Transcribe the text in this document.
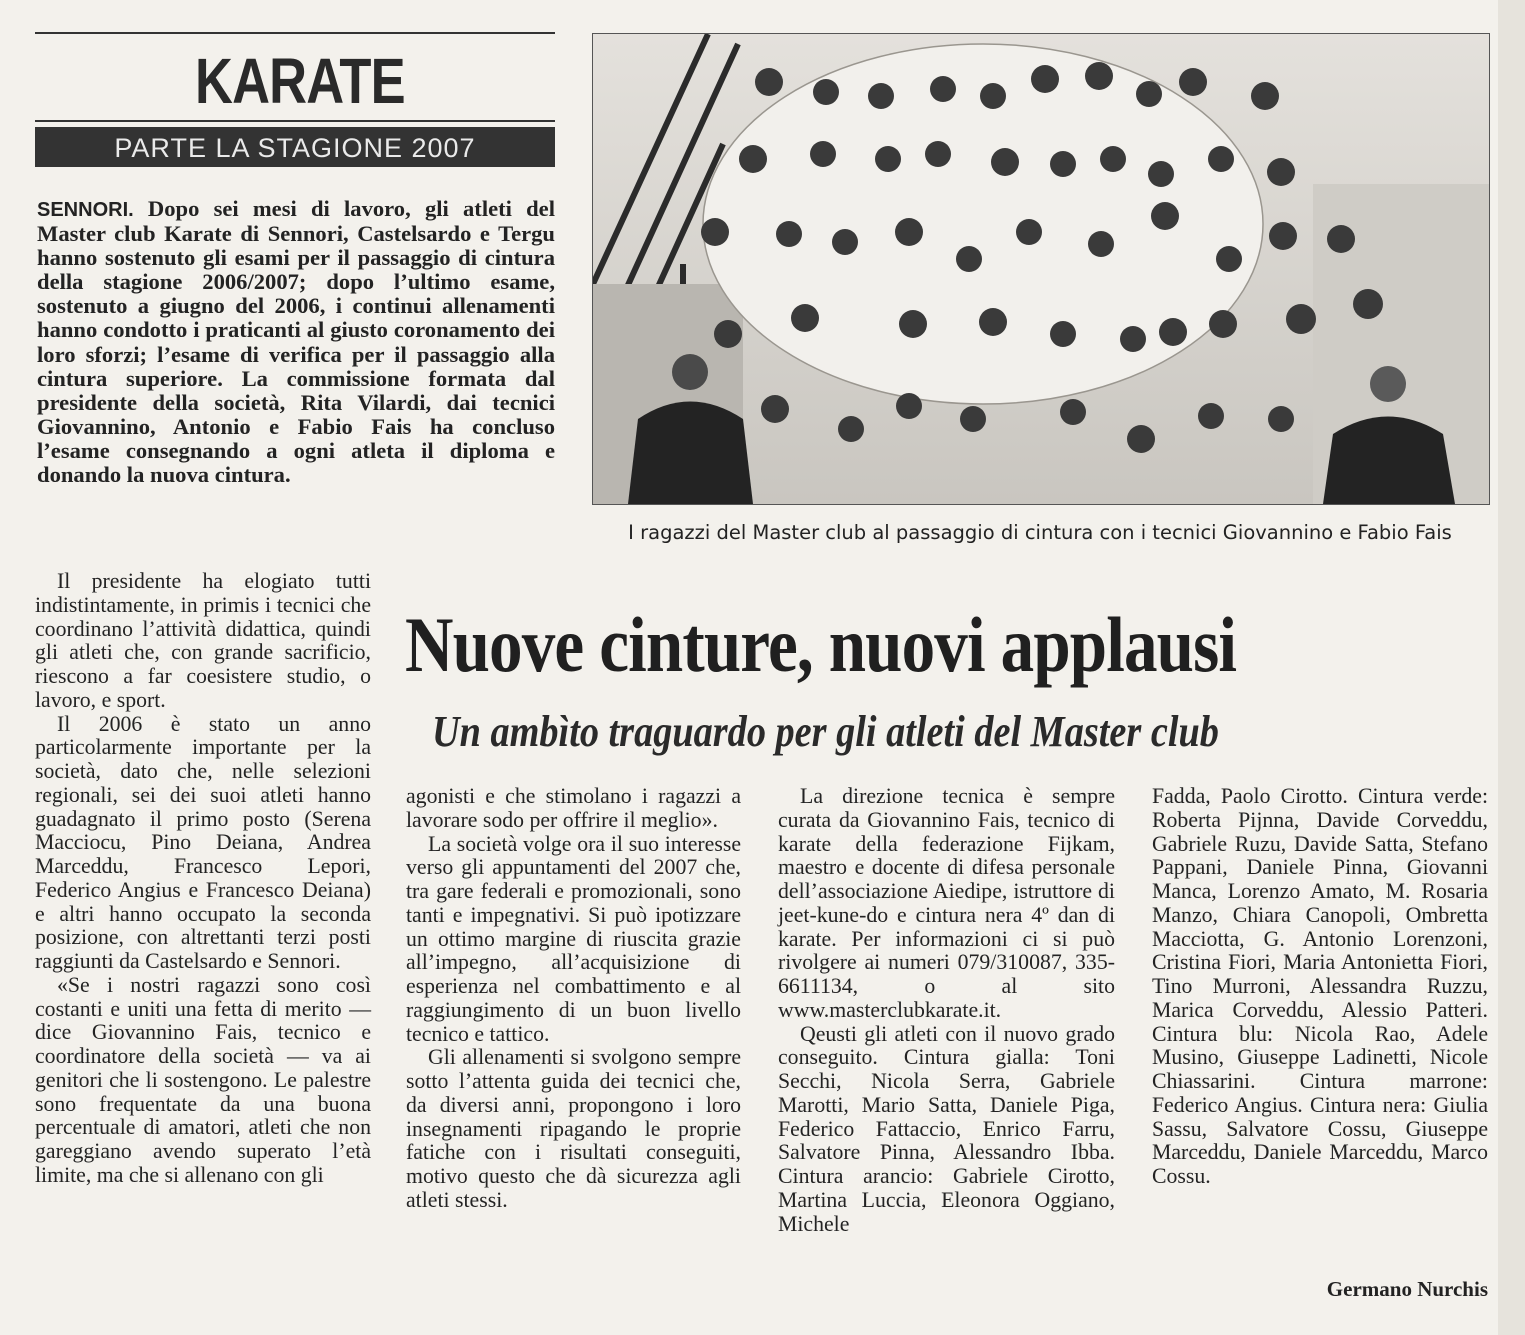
KARATE
PARTE LA STAGIONE 2007
SENNORI. Dopo sei mesi di lavoro, gli atleti del Master club Karate di Sennori, Castelsardo e Tergu hanno sostenuto gli esami per il passaggio di cintura della stagione 2006/2007; dopo l’ultimo esame, sostenuto a giugno del 2006, i continui allenamenti hanno condotto i praticanti al giusto coronamento dei loro sforzi; l’esame di verifica per il passaggio alla cintura superiore. La commissione formata dal presidente della società, Rita Vilardi, dai tecnici Giovannino, Antonio e Fabio Fais ha concluso l’esame consegnando a ogni atleta il diploma e donando la nuova cintura.
I ragazzi del Master club al passaggio di cintura con i tecnici Giovannino e Fabio Fais
Nuove cinture, nuovi applausi
Un ambìto traguardo per gli atleti del Master club

Il presidente ha elogiato tutti indistintamente, in primis i tecnici che coordinano l’attività didattica, quindi gli atleti che, con grande sacrificio, riescono a far coesistere studio, o lavoro, e sport.

Il 2006 è stato un anno particolarmente importante per la società, dato che, nelle selezioni regionali, sei dei suoi atleti hanno guadagnato il primo posto (Serena Macciocu, Pino Deiana, Andrea Marceddu, Francesco Lepori, Federico Angius e Francesco Deiana) e altri hanno occupato la seconda posizione, con altrettanti terzi posti raggiunti da Castelsardo e Sennori.

«Se i nostri ragazzi sono così costanti e uniti una fetta di merito — dice Giovannino Fais, tecnico e coordinatore della società — va ai genitori che li sostengono. Le palestre sono frequentate da una buona percentuale di amatori, atleti che non gareggiano avendo superato l’età limite, ma che si allenano con gli

agonisti e che stimolano i ragazzi a lavorare sodo per offrire il meglio».

La società volge ora il suo interesse verso gli appuntamenti del 2007 che, tra gare federali e promozionali, sono tanti e impegnativi. Si può ipotizzare un ottimo margine di riuscita grazie all’impegno, all’acquisizione di esperienza nel combattimento e al raggiungimento di un buon livello tecnico e tattico.

Gli allenamenti si svolgono sempre sotto l’attenta guida dei tecnici che, da diversi anni, propongono i loro insegnamenti ripagando le proprie fatiche con i risultati conseguiti, motivo questo che dà sicurezza agli atleti stessi.

La direzione tecnica è sempre curata da Giovannino Fais, tecnico di karate della federazione Fijkam, maestro e docente di difesa personale dell’associazione Aiedipe, istruttore di jeet-kune-do e cintura nera 4º dan di karate. Per informazioni ci si può rivolgere ai numeri 079/310087, 335-6611134, o al sito www.masterclubkarate.it.

Qeusti gli atleti con il nuovo grado conseguito. Cintura gialla: Toni Secchi, Nicola Serra, Gabriele Marotti, Mario Satta, Daniele Piga, Federico Fattaccio, Enrico Farru, Salvatore Pinna, Alessandro Ibba. Cintura arancio: Gabriele Cirotto, Martina Luccia, Eleonora Oggiano, Michele

Fadda, Paolo Cirotto. Cintura verde: Roberta Pijnna, Davide Corveddu, Gabriele Ruzu, Davide Satta, Stefano Pappani, Daniele Pinna, Giovanni Manca, Lorenzo Amato, M. Rosaria Manzo, Chiara Canopoli, Ombretta Macciotta, G. Antonio Lorenzoni, Cristina Fiori, Maria Antonietta Fiori, Tino Murroni, Alessandra Ruzzu, Marica Corveddu, Alessio Patteri. Cintura blu: Nicola Rao, Adele Musino, Giuseppe Ladinetti, Nicole Chiassarini. Cintura marrone: Federico Angius. Cintura nera: Giulia Sassu, Salvatore Cossu, Giuseppe Marceddu, Daniele Marceddu, Marco Cossu.

Germano Nurchis
